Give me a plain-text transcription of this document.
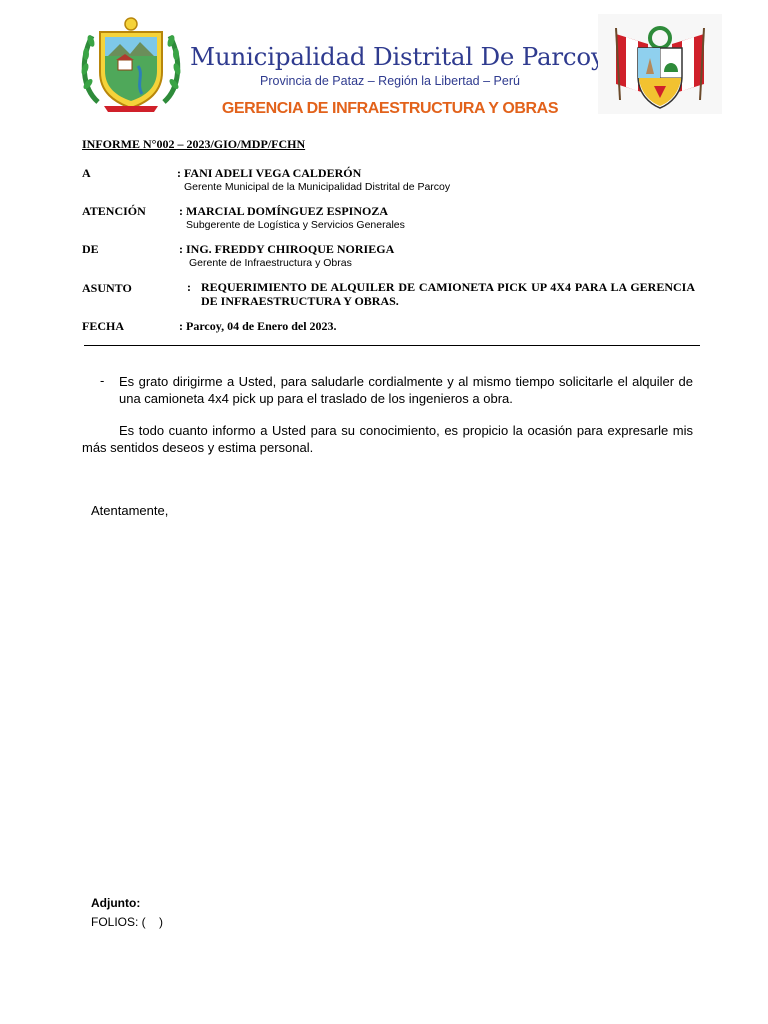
Municipalidad Distrital De Parcoy
Provincia de Pataz – Región la Libertad – Perú
GERENCIA DE INFRAESTRUCTURA Y OBRAS
INFORME N°002 – 2023/GIO/MDP/FCHN
A	: FANI ADELI VEGA CALDERÓN
Gerente Municipal de la Municipalidad Distrital de Parcoy
ATENCIÓN	: MARCIAL DOMÍNGUEZ ESPINOZA
Subgerente de Logística y Servicios Generales
DE	: ING. FREDDY CHIROQUE NORIEGA
Gerente de Infraestructura y Obras
ASUNTO	: REQUERIMIENTO DE ALQUILER DE CAMIONETA PICK UP 4X4 PARA LA GERENCIA DE INFRAESTRUCTURA Y OBRAS.
FECHA	: Parcoy, 04 de Enero del 2023.
- Es grato dirigirme a Usted, para saludarle cordialmente y al mismo tiempo solicitarle el alquiler de una camioneta 4x4 pick up para el traslado de los ingenieros a obra.
Es todo cuanto informo a Usted para su conocimiento, es propicio la ocasión para expresarle mis más sentidos deseos y estima personal.
Atentamente,
Adjunto:
FOLIOS: (    )
